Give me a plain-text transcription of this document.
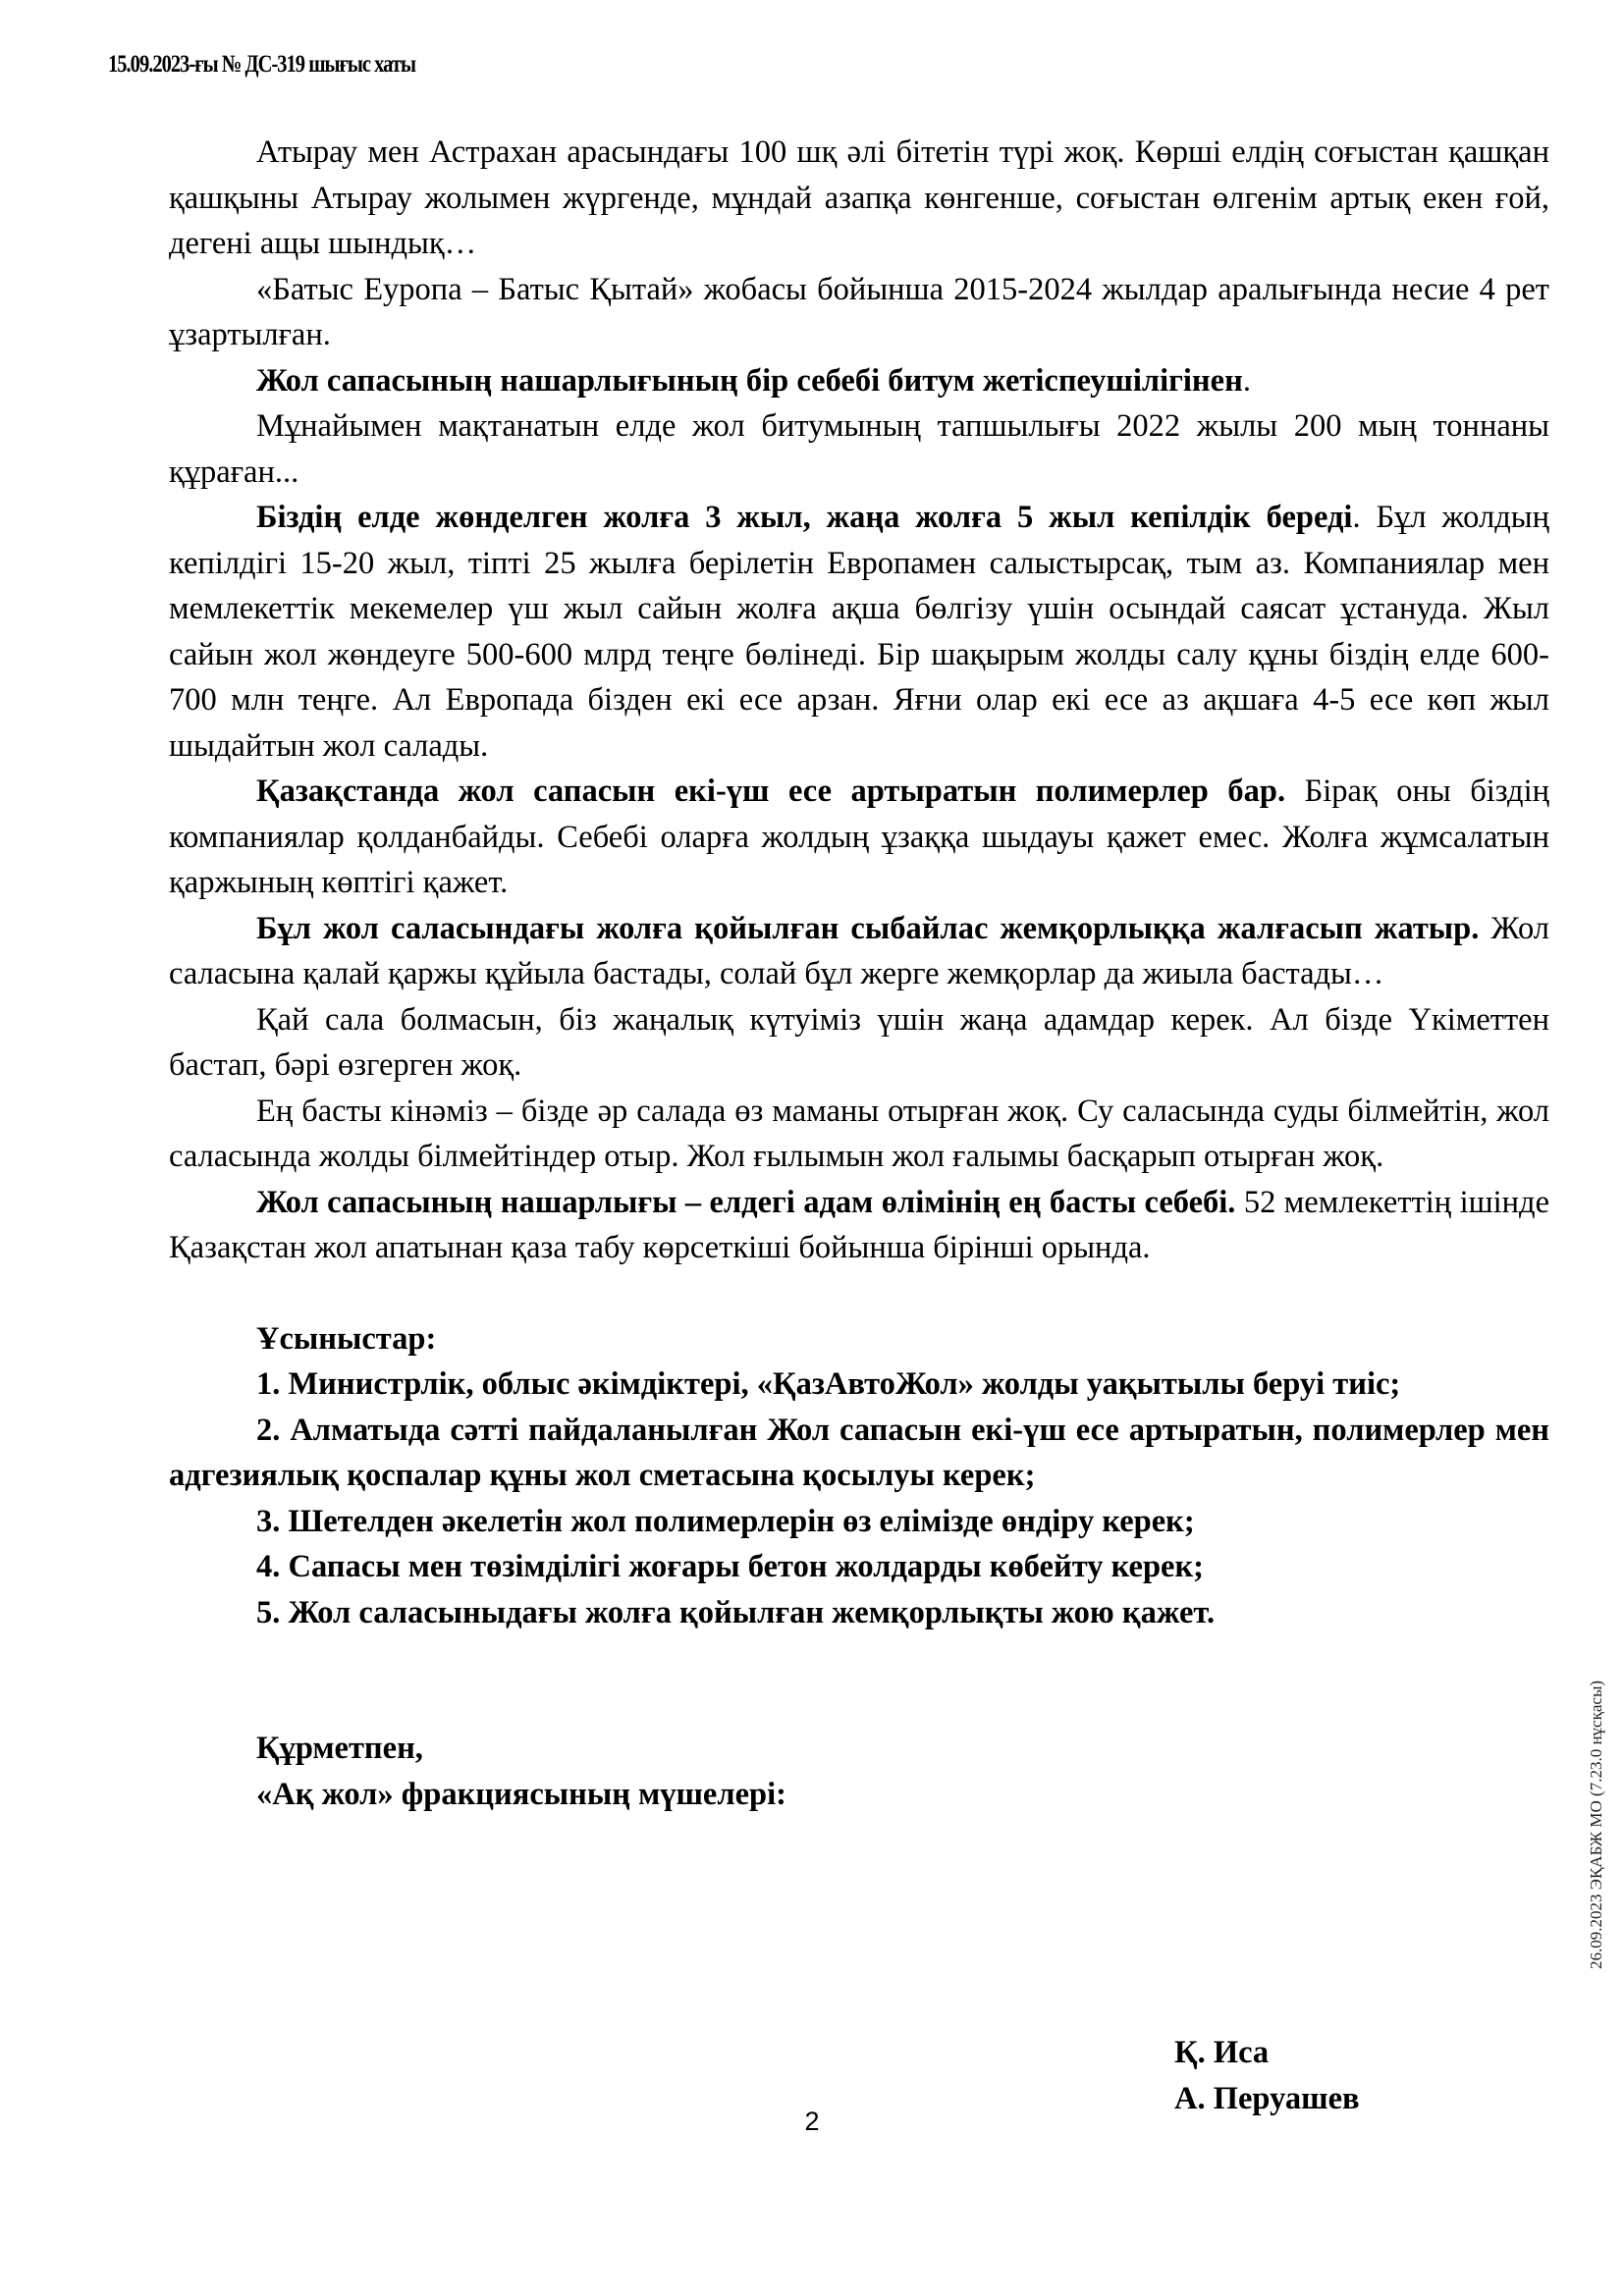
15.09.2023-ғы № ДС-319 шығыс хаты

Атырау мен Астрахан арасындағы 100 шқ әлі бітетін түрі жоқ. Көрші елдің соғыстан қашқан қашқыны Атырау жолымен жүргенде, мұндай азапқа көнгенше, соғыстан өлгенім артық екен ғой, дегені ащы шындық…

«Батыс Еуропа – Батыс Қытай» жобасы бойынша 2015-2024 жылдар аралығында несие 4 рет ұзартылған.

Жол сапасының нашарлығының бір себебі битум жетіспеушілігінен.

Мұнайымен мақтанатын елде жол битумының тапшылығы 2022 жылы 200 мың тоннаны құраған...

Біздің елде жөнделген жолға 3 жыл, жаңа жолға 5 жыл кепілдік береді. Бұл жолдың кепілдігі 15-20 жыл, тіпті 25 жылға берілетін Европамен салыстырсақ, тым аз. Компаниялар мен мемлекеттік мекемелер үш жыл сайын жолға ақша бөлгізу үшін осындай саясат ұстануда. Жыл сайын жол жөндеуге 500-600 млрд теңге бөлінеді. Бір шақырым жолды салу құны біздің елде 600-700 млн теңге. Ал Европада бізден екі есе арзан. Яғни олар екі есе аз ақшаға 4-5 есе көп жыл шыдайтын жол салады.

Қазақстанда жол сапасын екі-үш есе артыратын полимерлер бар. Бірақ оны біздің компаниялар қолданбайды. Себебі оларға жолдың ұзаққа шыдауы қажет емес. Жолға жұмсалатын қаржының көптігі қажет.

Бұл жол саласындағы жолға қойылған сыбайлас жемқорлыққа жалғасып жатыр. Жол саласына қалай қаржы құйыла бастады, солай бұл жерге жемқорлар да жиыла бастады…

Қай сала болмасын, біз жаңалық күтуіміз үшін жаңа адамдар керек. Ал бізде Үкіметтен бастап, бәрі өзгерген жоқ.

Ең басты кінәміз – бізде әр салада өз маманы отырған жоқ. Су саласында суды білмейтін, жол саласында жолды білмейтіндер отыр. Жол ғылымын жол ғалымы басқарып отырған жоқ.

Жол сапасының нашарлығы – елдегі адам өлімінің ең басты себебі. 52 мемлекеттің ішінде Қазақстан жол апатынан қаза табу көрсеткіші бойынша бірінші орында.

Ұсыныстар:

1. Министрлік, облыс әкімдіктері, «ҚазАвтоЖол» жолды уақытылы беруі тиіс;

2. Алматыда сәтті пайдаланылған Жол сапасын екі-үш есе артыратын, полимерлер мен адгезиялық қоспалар құны жол сметасына қосылуы керек;

3. Шетелден әкелетін жол полимерлерін өз елімізде өндіру керек;

4. Сапасы мен төзімділігі жоғары бетон жолдарды көбейту керек;

5. Жол саласыныдағы жолға қойылған жемқорлықты жою қажет.

Құрметпен,

«Ақ жол» фракциясының мүшелері:

Қ. Иса
А. Перуашев
2
26.09.2023 ЭҚАБЖ МО (7.23.0 нұсқасы)
